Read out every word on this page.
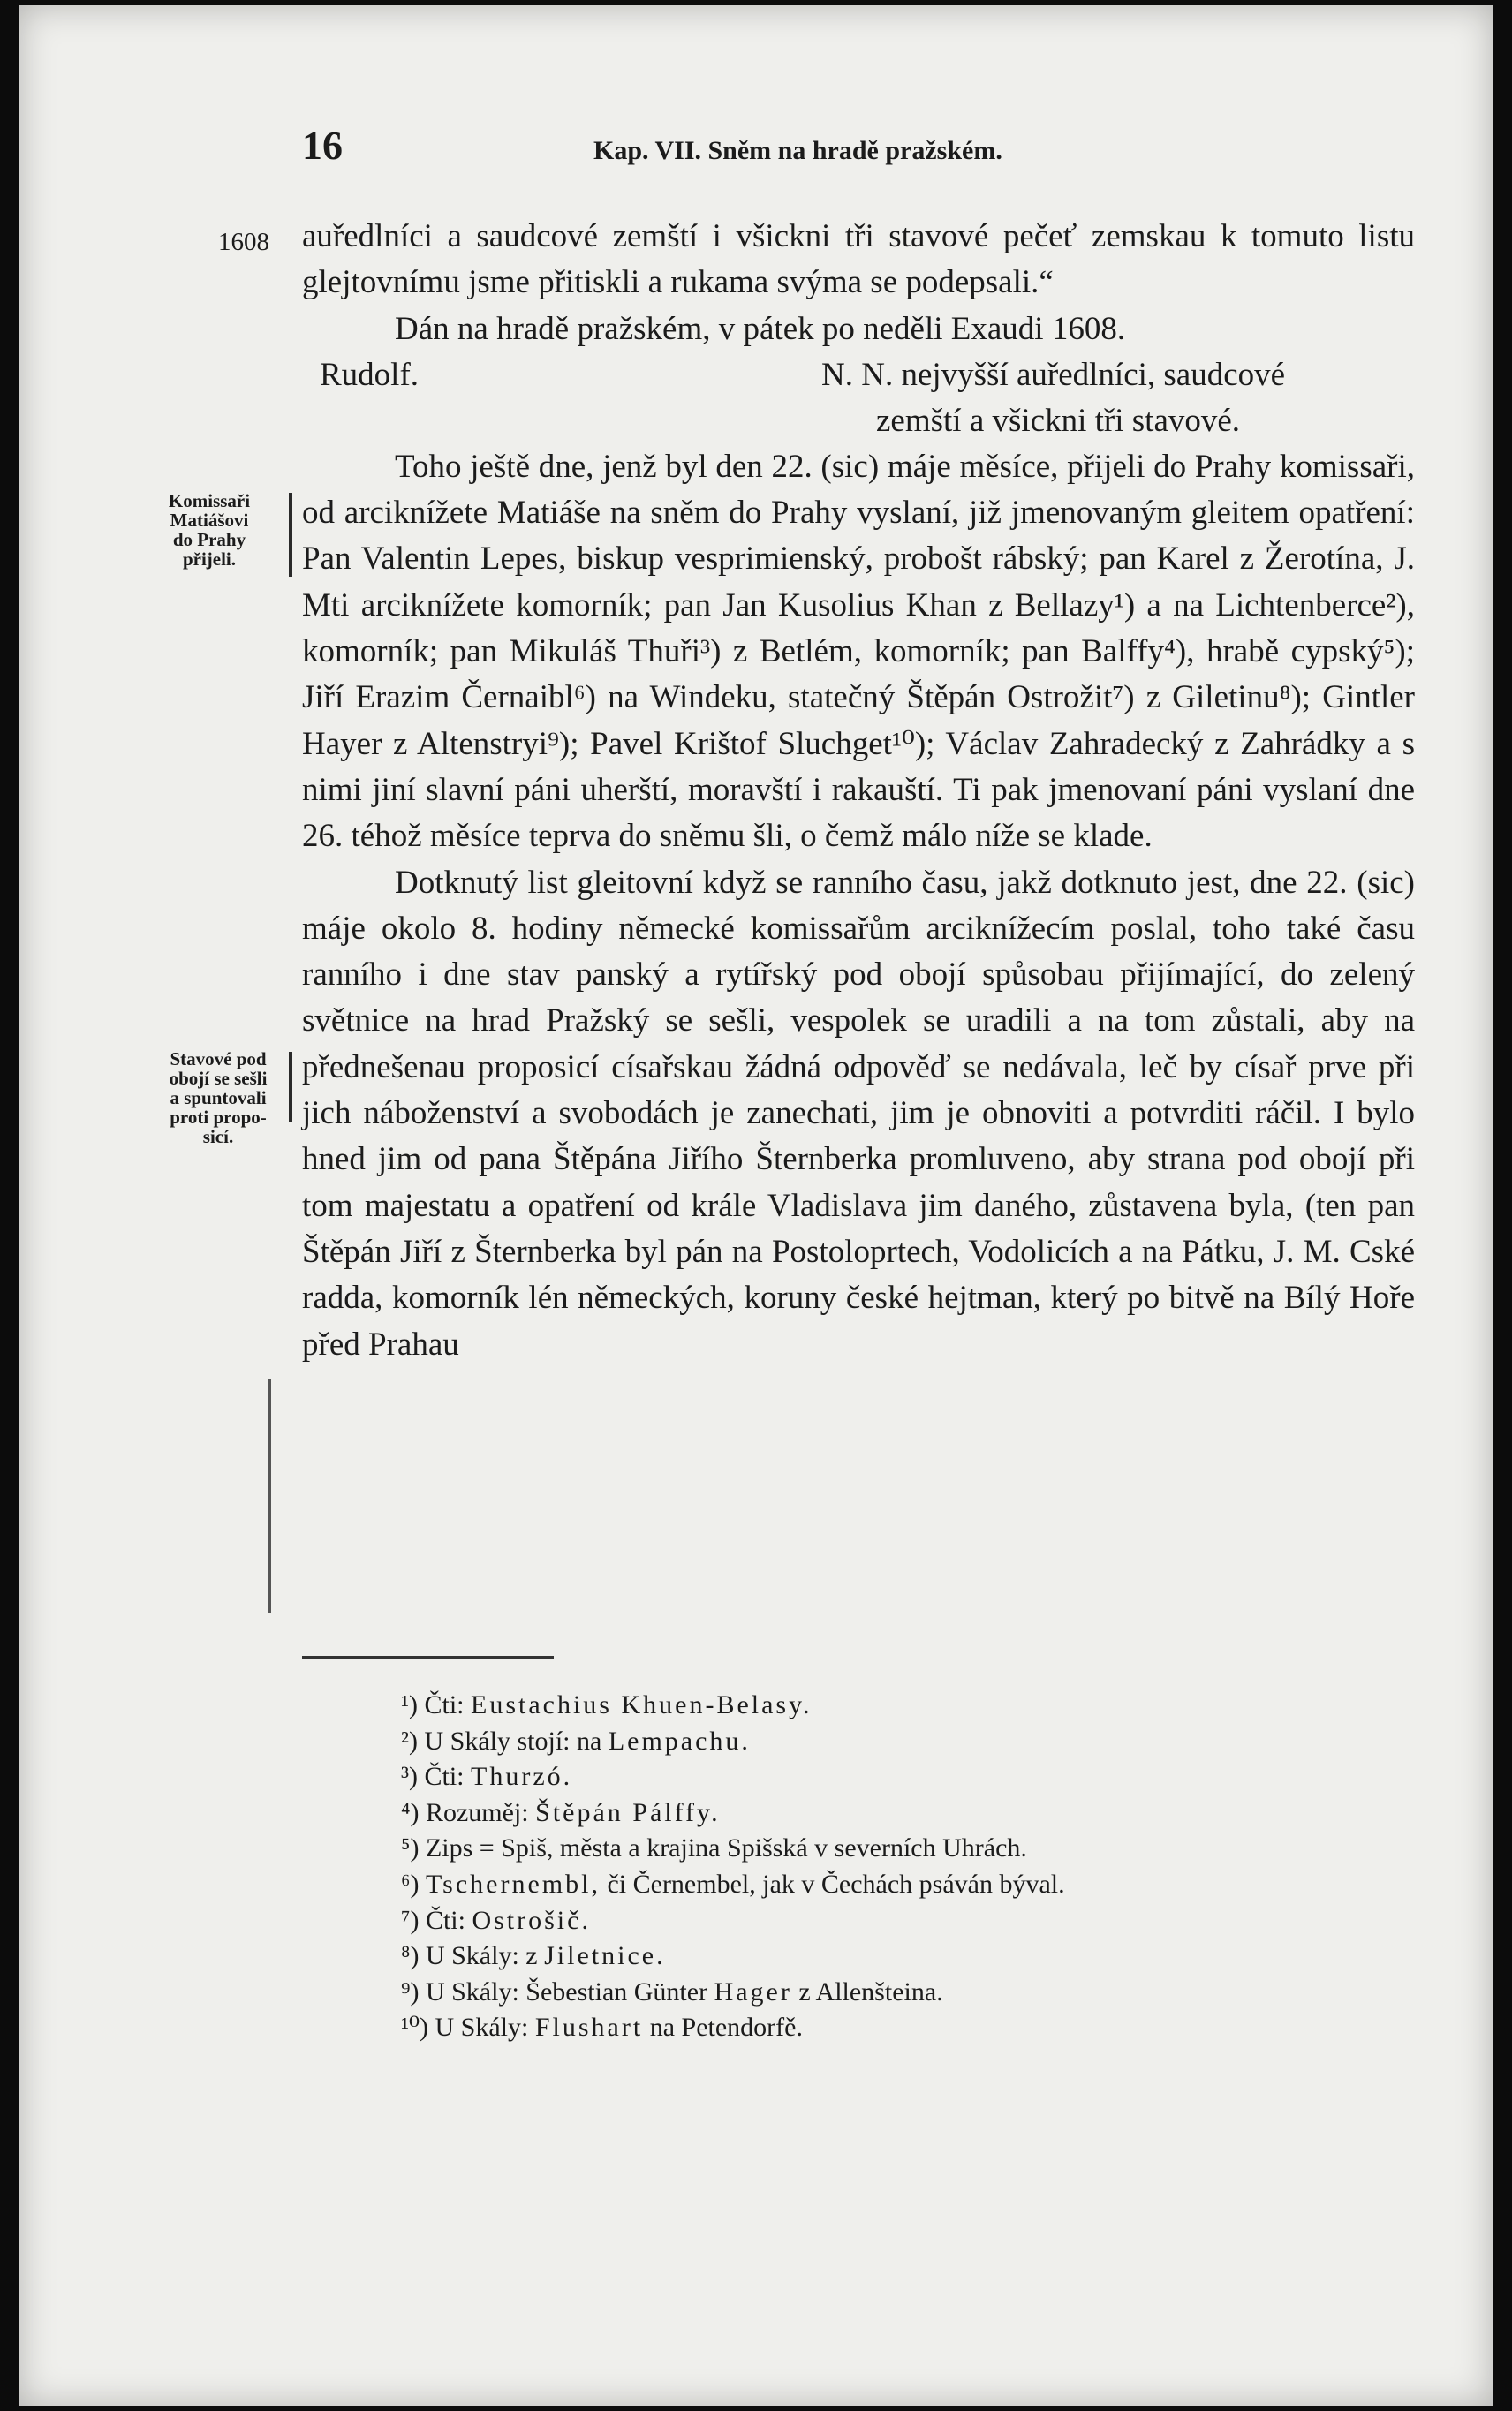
16	Kap. VII. Sněm na hradě pražském.
1608
Komissaři
Matiášovi
do Prahy
přijeli.
Stavové pod
obojí se sešli
a spuntovali
proti propo-
sicí.

auředlníci a saudcové zemští i všickni tři stavové pečeť zemskau k tomuto listu glejtovnímu jsme přitiskli a rukama svýma se podepsali.“

Dán na hradě pražském, v pátek po neděli Exaudi 1608.

Rudolf.	N. N. nejvyšší auředlníci, saudcové
zemští a všickni tři stavové.

Toho ještě dne, jenž byl den 22. (sic) máje měsíce, přijeli do Prahy komissaři, od arciknížete Matiáše na sněm do Prahy vyslaní, již jmenovaným gleitem opatření: Pan Valentin Lepes, biskup vesprimienský, probošt rábský; pan Karel z Žerotína, J. Mti arciknížete komorník; pan Jan Kusolius Khan z Bellazy¹) a na Lichtenberce²), komorník; pan Mikuláš Thuři³) z Betlém, komorník; pan Balffy⁴), hrabě cypský⁵); Jiří Erazim Černaibl⁶) na Windeku, statečný Štěpán Ostrožit⁷) z Giletinu⁸); Gintler Hayer z Altenstryi⁹); Pavel Krištof Sluchget¹⁰); Václav Zahradecký z Zahrádky a s nimi jiní slavní páni uherští, moravští i rakauští. Ti pak jmenovaní páni vyslaní dne 26. téhož měsíce teprva do sněmu šli, o čemž málo níže se klade.

Dotknutý list gleitovní když se ranního času, jakž dotknuto jest, dne 22. (sic) máje okolo 8. hodiny německé komissařům arciknížecím poslal, toho také času ranního i dne stav panský a rytířský pod obojí spůsobau přijímající, do zelený světnice na hrad Pražský se sešli, vespolek se uradili a na tom zůstali, aby na přednešenau proposicí císařskau žádná odpověď se nedávala, leč by císař prve při jich náboženství a svobodách je zanechati, jim je obnoviti a potvrditi ráčil. I bylo hned jim od pana Štěpána Jiřího Šternberka promluveno, aby strana pod obojí při tom majestatu a opatření od krále Vladislava jim daného, zůstavena byla, (ten pan Štěpán Jiří z Šternberka byl pán na Postoloprtech, Vodolicích a na Pátku, J. M. Cské radda, komorník lén německých, koruny české hejtman, který po bitvě na Bílý Hoře před Prahau

¹) Čti: Eustachius Khuen-Belasy.
²) U Skály stojí: na Lempachu.
³) Čti: Thurzó.
⁴) Rozuměj: Štěpán Pálffy.
⁵) Zips = Spiš, města a krajina Spišská v severních Uhrách.
⁶) Tschernembl, či Černembel, jak v Čechách psáván býval.
⁷) Čti: Ostrošič.
⁸) U Skály: z Jiletnice.
⁹) U Skály: Šebestian Günter Hager z Allenšteina.
¹⁰) U Skály: Flushart na Petendorfě.
